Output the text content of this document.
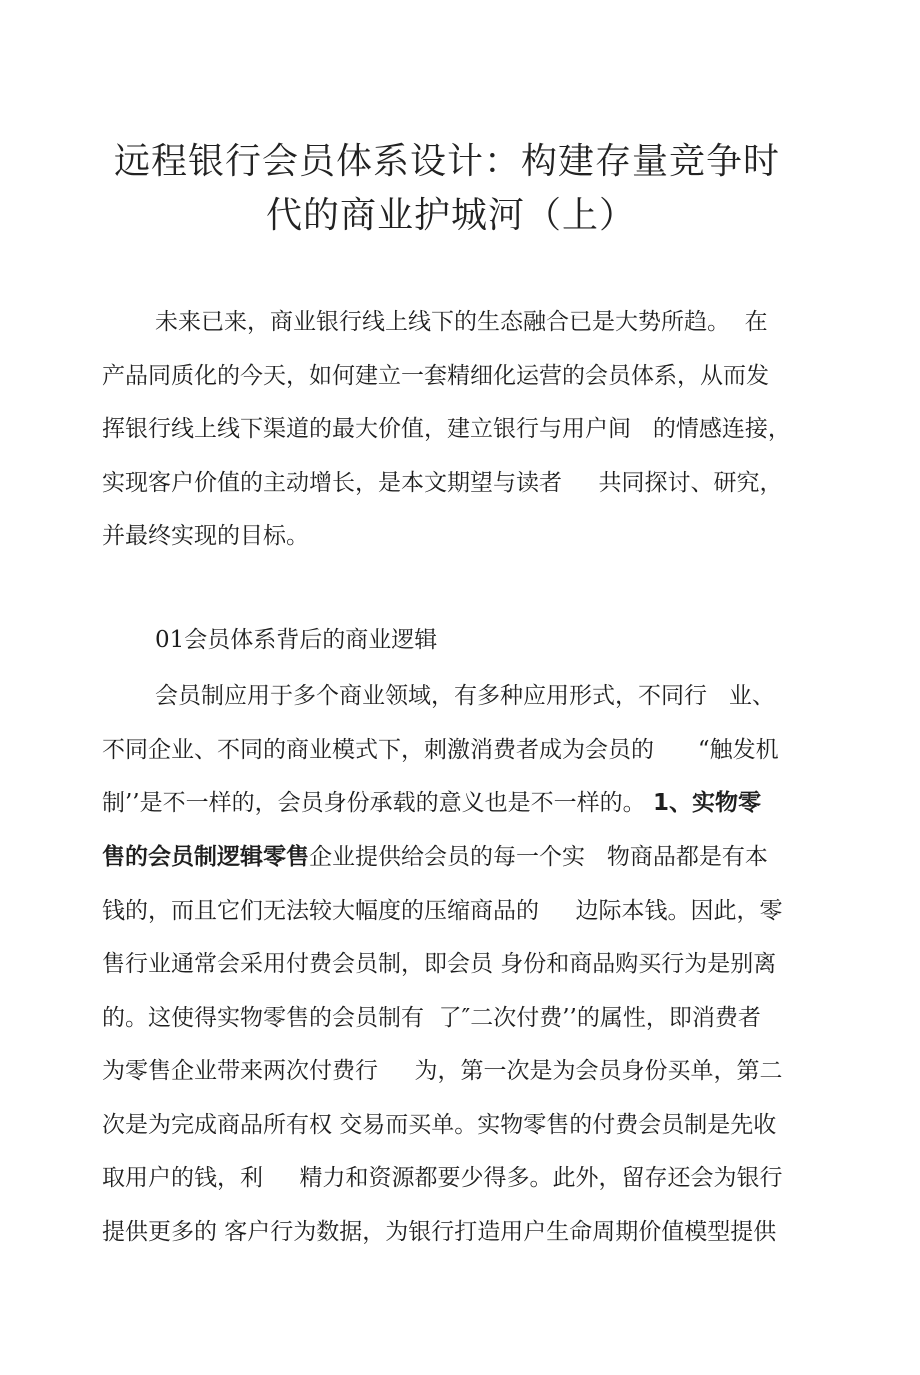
远程银行会员体系设计：构建存量竞争时
代的商业护城河（上）
未来已来，商业银行线上线下的生态融合已是大势所趋。  在
产品同质化的今天，如何建立一套精细化运营的会员体系，从而发
挥银行线上线下渠道的最大价值，建立银行与用户间   的情感连接，
实现客户价值的主动增长，是本文期望与读者     共同探讨、研究，
并最终实现的目标。
01会员体系背后的商业逻辑
会员制应用于多个商业领域，有多种应用形式，不同行   业、
不同企业、不同的商业模式下，刺激消费者成为会员的      “触发机
制’’是不一样的，会员身份承载的意义也是不一样的。 1、实物零
售的会员制逻辑零售企业提供给会员的每一个实   物商品都是有本
钱的，而且它们无法较大幅度的压缩商品的     边际本钱。因此，零
售行业通常会采用付费会员制，即会员 身份和商品购买行为是别离
的。这使得实物零售的会员制有  了″二次付费’’的属性，即消费者
为零售企业带来两次付费行     为，第一次是为会员身份买单，第二
次是为完成商品所有权 交易而买单。实物零售的付费会员制是先收
取用户的钱，利     精力和资源都要少得多。此外，留存还会为银行
提供更多的 客户行为数据，为银行打造用户生命周期价值模型提供
